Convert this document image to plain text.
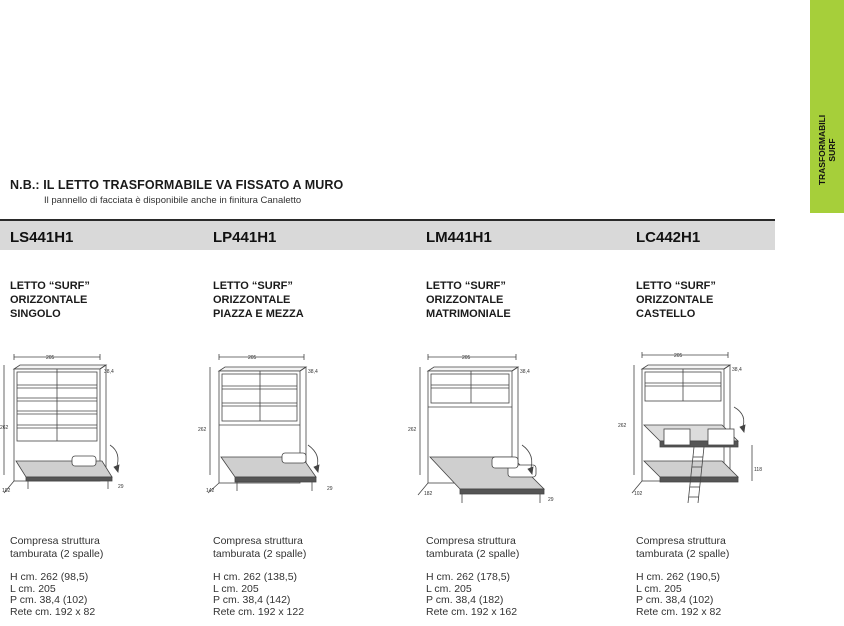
TRASFORMABILI SURF
N.B.: IL LETTO TRASFORMABILE VA FISSATO A MURO
Il pannello di facciata è disponibile anche in finitura Canaletto
LS441H1	LP441H1	LM441H1	LC442H1
LETTO “SURF”
ORIZZONTALE
SINGOLO
LETTO “SURF”
ORIZZONTALE
PIAZZA E MEZZA
LETTO “SURF”
ORIZZONTALE
MATRIMONIALE
LETTO “SURF”
ORIZZONTALE
CASTELLO
205
38,4
262
102
29
205
38,4
262
142	29
205
38,4
262
182
29
205
38,4
262
102
118
Compresa struttura
tamburata (2 spalle)
Compresa struttura
tamburata (2 spalle)
Compresa struttura
tamburata (2 spalle)
Compresa struttura
tamburata (2 spalle)
H cm. 262 (98,5)
L cm. 205
P cm. 38,4 (102)
Rete cm. 192 x 82
H cm. 262 (138,5)
L cm. 205
P cm. 38,4 (142)
Rete cm. 192 x 122
H cm. 262 (178,5)
L cm. 205
P cm. 38,4 (182)
Rete cm. 192 x 162
H cm. 262 (190,5)
L cm. 205
P cm. 38,4 (102)
Rete cm. 192 x 82
